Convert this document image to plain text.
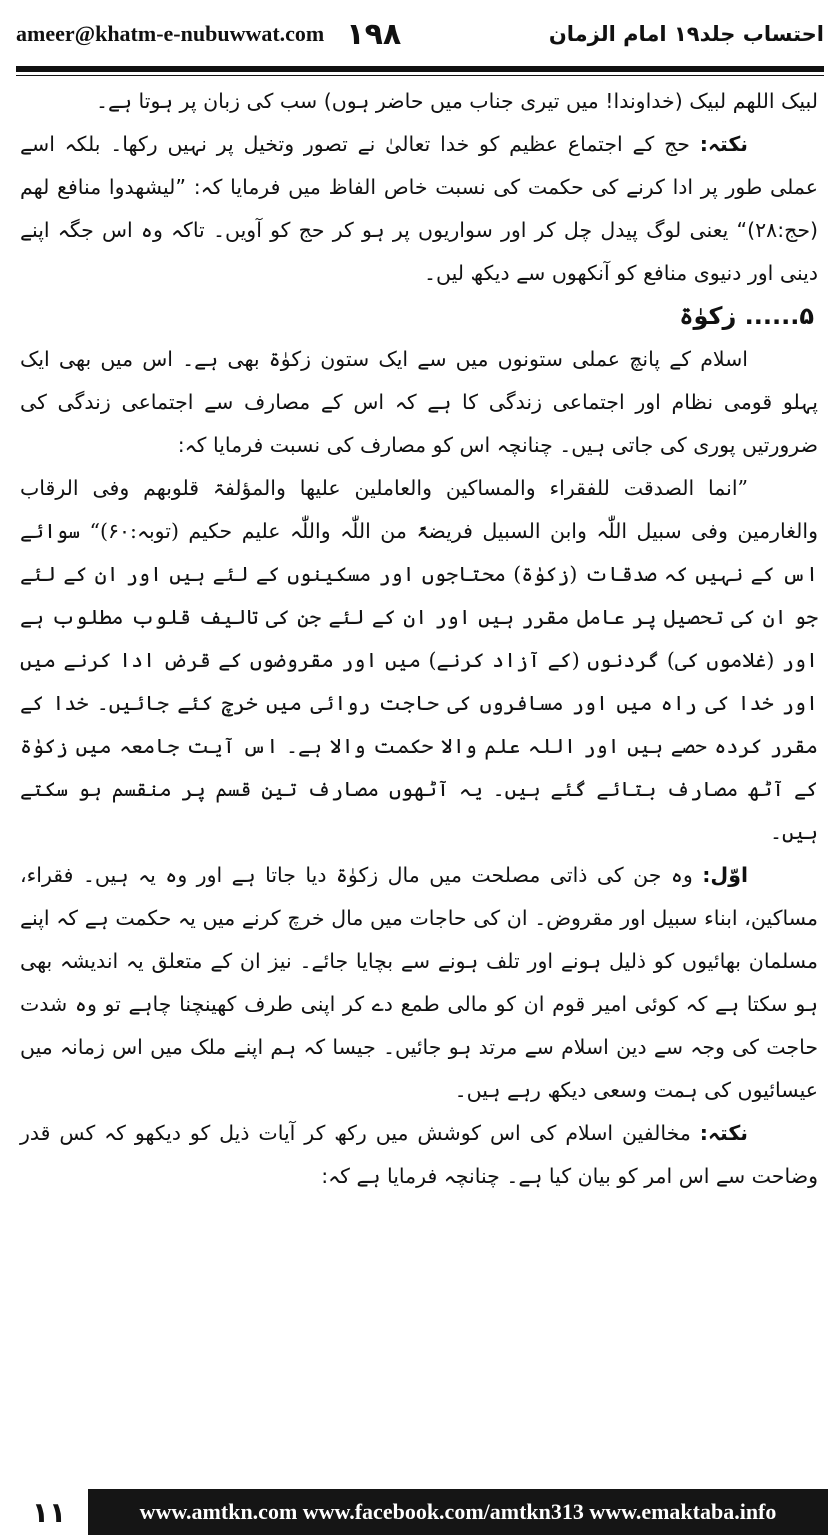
ameer@khatm-e-nubuwwat.com ۱۹۸	احتساب جلد۱۹ امام الزمان

لبیک اللھم لبیک (خداوندا! میں تیری جناب میں حاضر ہوں) سب کی زبان پر ہوتا ہے۔

نکتہ: حج کے اجتماع عظیم کو خدا تعالیٰ نے تصور وتخیل پر نہیں رکھا۔ بلکہ اسے عملی طور پر ادا کرنے کی حکمت کی نسبت خاص الفاظ میں فرمایا کہ: ”لیشھدوا منافع لھم (حج:۲۸)“ یعنی لوگ پیدل چل کر اور سواریوں پر ہو کر حج کو آویں۔ تاکہ وہ اس جگہ اپنے دینی اور دنیوی منافع کو آنکھوں سے دیکھ لیں۔

۵...... زکوٰۃ

اسلام کے پانچ عملی ستونوں میں سے ایک ستون زکوٰۃ بھی ہے۔ اس میں بھی ایک پہلو قومی نظام اور اجتماعی زندگی کا ہے کہ اس کے مصارف سے اجتماعی زندگی کی ضرورتیں پوری کی جاتی ہیں۔ چنانچہ اس کو مصارف کی نسبت فرمایا کہ:

”انما الصدقت للفقراء والمساکین والعاملین علیھا والمؤلفۃ قلوبھم وفی الرقاب والغارمین وفی سبیل اللّٰہ وابن السبیل فریضۃً من اللّٰہ واللّٰہ علیم حکیم (توبہ:۶۰)“ سوائے اس کے نہیں کہ صدقات (زکوٰۃ) محتاجوں اور مسکینوں کے لئے ہیں اور ان کے لئے جو ان کی تحصیل پر عامل مقرر ہیں اور ان کے لئے جن کی تالیف قلوب مطلوب ہے اور (غلاموں کی) گردنوں (کے آزاد کرنے) میں اور مقروضوں کے قرض ادا کرنے میں اور خدا کی راہ میں اور مسافروں کی حاجت روائی میں خرچ کئے جائیں۔ خدا کے مقرر کردہ حصے ہیں اور اللہ علم والا حکمت والا ہے۔ اس آیت جامعہ میں زکوٰۃ کے آٹھ مصارف بتائے گئے ہیں۔ یہ آٹھوں مصارف تین قسم پر منقسم ہو سکتے ہیں۔

اوّل: وہ جن کی ذاتی مصلحت میں مال زکوٰۃ دیا جاتا ہے اور وہ یہ ہیں۔ فقراء، مساکین، ابناء سبیل اور مقروض۔ ان کی حاجات میں مال خرچ کرنے میں یہ حکمت ہے کہ اپنے مسلمان بھائیوں کو ذلیل ہونے اور تلف ہونے سے بچایا جائے۔ نیز ان کے متعلق یہ اندیشہ بھی ہو سکتا ہے کہ کوئی امیر قوم ان کو مالی طمع دے کر اپنی طرف کھینچنا چاہے تو وہ شدت حاجت کی وجہ سے دین اسلام سے مرتد ہو جائیں۔ جیسا کہ ہم اپنے ملک میں اس زمانہ میں عیسائیوں کی ہمت وسعی دیکھ رہے ہیں۔

نکتہ: مخالفین اسلام کی اس کوشش میں رکھ کر آیات ذیل کو دیکھو کہ کس قدر وضاحت سے اس امر کو بیان کیا ہے۔ چنانچہ فرمایا ہے کہ:

۱۱	www.amtkn.com www.facebook.com/amtkn313 www.emaktaba.info
